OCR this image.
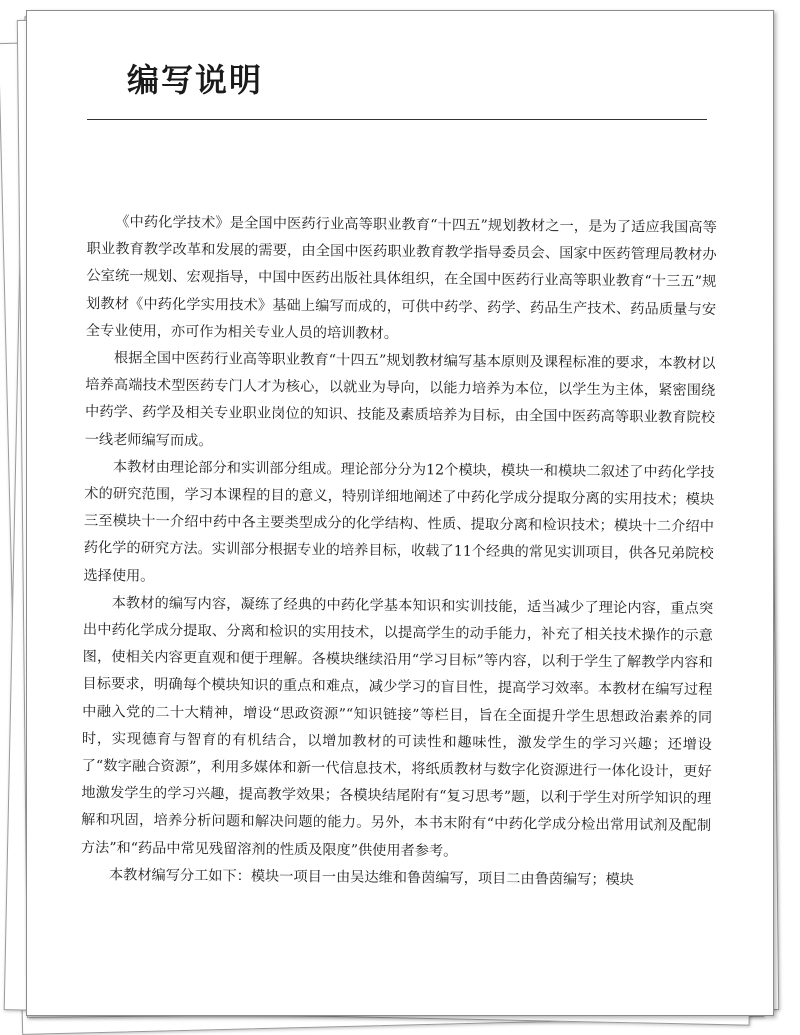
编写说明

《中药化学技术》是全国中医药行业高等职业教育“十四五”规划教材之一，是为了适应我国高等职业教育教学改革和发展的需要，由全国中医药职业教育教学指导委员会、国家中医药管理局教材办公室统一规划、宏观指导，中国中医药出版社具体组织，在全国中医药行业高等职业教育“十三五”规划教材《中药化学实用技术》基础上编写而成的，可供中药学、药学、药品生产技术、药品质量与安全专业使用，亦可作为相关专业人员的培训教材。

根据全国中医药行业高等职业教育“十四五”规划教材编写基本原则及课程标准的要求，本教材以培养高端技术型医药专门人才为核心，以就业为导向，以能力培养为本位，以学生为主体，紧密围绕中药学、药学及相关专业职业岗位的知识、技能及素质培养为目标，由全国中医药高等职业教育院校一线老师编写而成。

本教材由理论部分和实训部分组成。理论部分分为12个模块，模块一和模块二叙述了中药化学技术的研究范围，学习本课程的目的意义，特别详细地阐述了中药化学成分提取分离的实用技术；模块三至模块十一介绍中药中各主要类型成分的化学结构、性质、提取分离和检识技术；模块十二介绍中药化学的研究方法。实训部分根据专业的培养目标，收载了11个经典的常见实训项目，供各兄弟院校选择使用。

本教材的编写内容，凝练了经典的中药化学基本知识和实训技能，适当减少了理论内容，重点突出中药化学成分提取、分离和检识的实用技术，以提高学生的动手能力，补充了相关技术操作的示意图，使相关内容更直观和便于理解。各模块继续沿用“学习目标”等内容，以利于学生了解教学内容和目标要求，明确每个模块知识的重点和难点，减少学习的盲目性，提高学习效率。本教材在编写过程中融入党的二十大精神，增设“思政资源”“知识链接”等栏目，旨在全面提升学生思想政治素养的同时，实现德育与智育的有机结合，以增加教材的可读性和趣味性，激发学生的学习兴趣；还增设了“数字融合资源”，利用多媒体和新一代信息技术，将纸质教材与数字化资源进行一体化设计，更好地激发学生的学习兴趣，提高教学效果；各模块结尾附有“复习思考”题，以利于学生对所学知识的理解和巩固，培养分析问题和解决问题的能力。另外，本书末附有“中药化学成分检出常用试剂及配制方法”和“药品中常见残留溶剂的性质及限度”供使用者参考。

本教材编写分工如下：模块一项目一由吴达维和鲁茵编写，项目二由鲁茵编写；模块
